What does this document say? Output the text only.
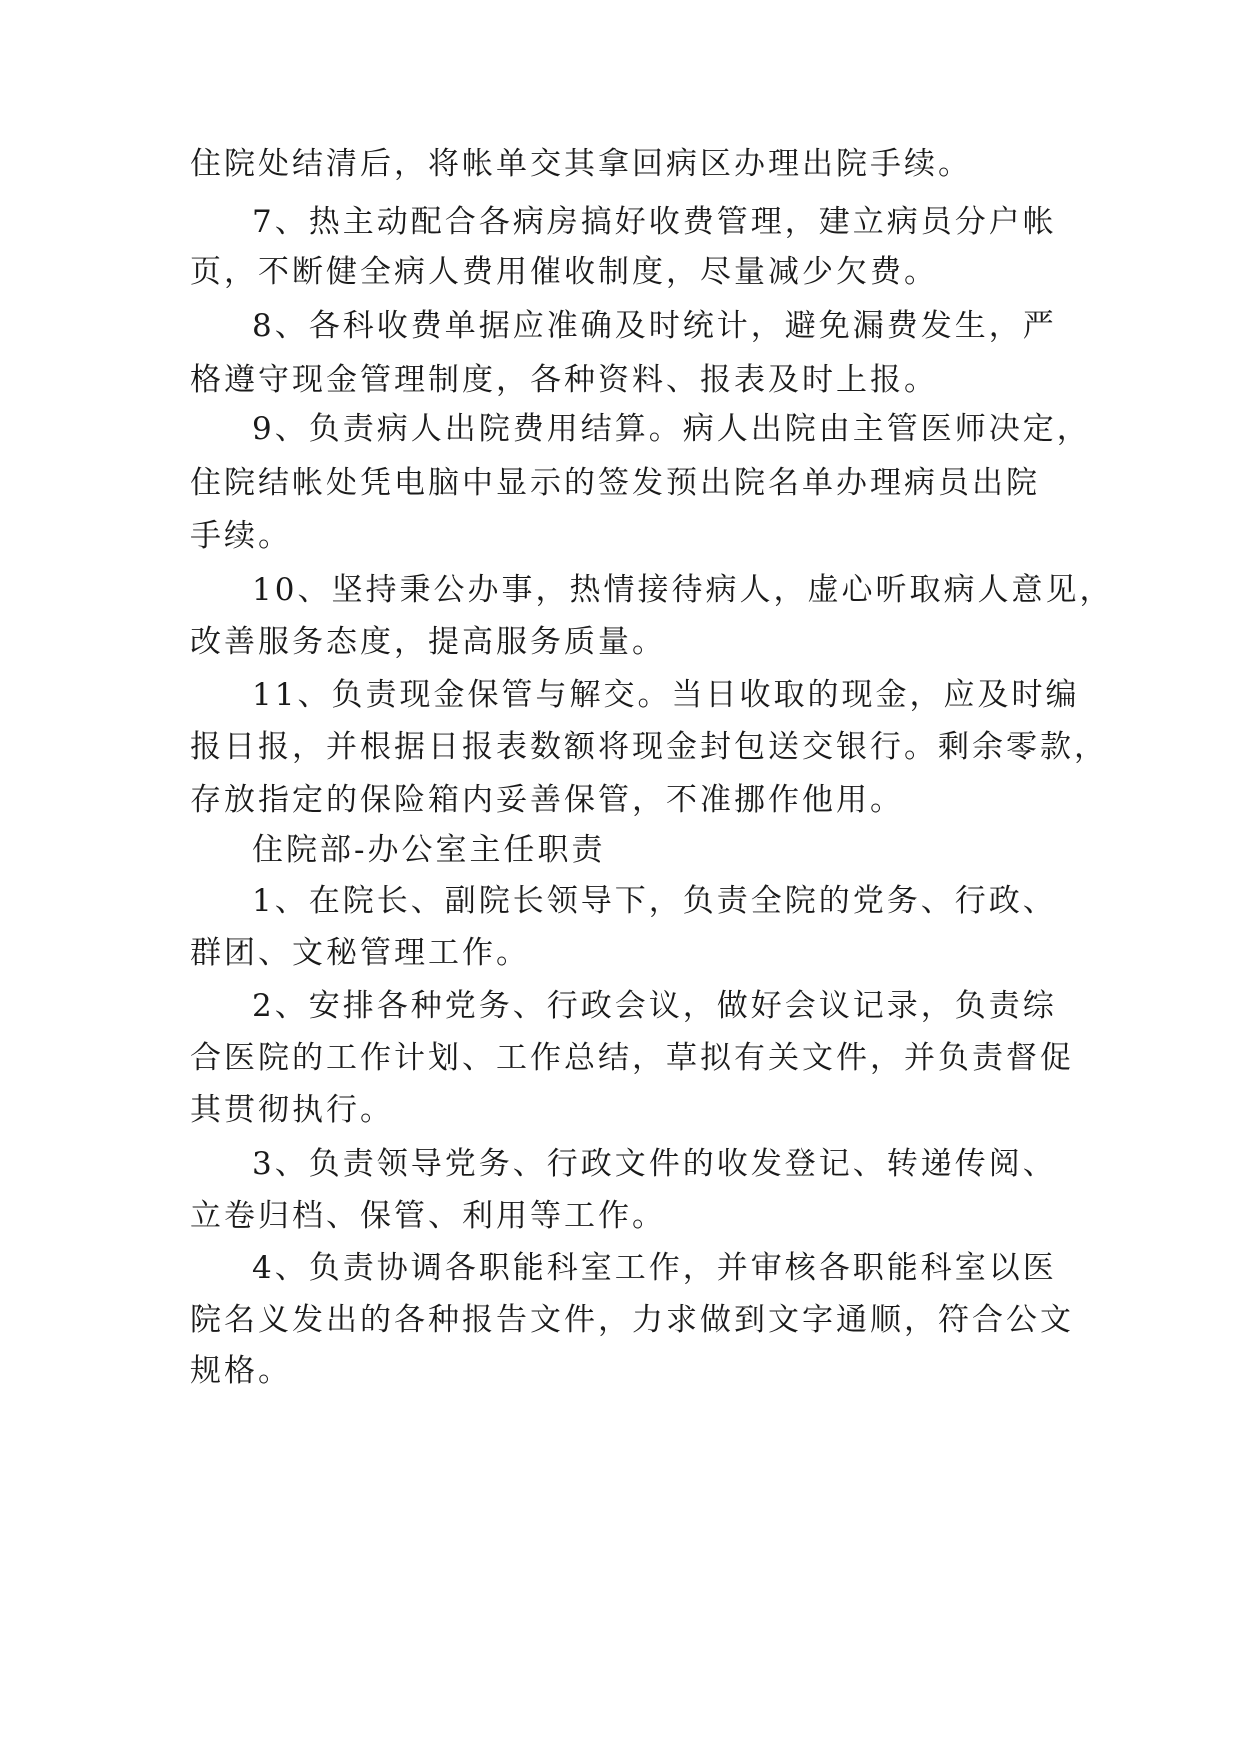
住院处结清后，将帐单交其拿回病区办理出院手续。
7、热主动配合各病房搞好收费管理，建立病员分户帐
页，不断健全病人费用催收制度，尽量减少欠费。
8、各科收费单据应准确及时统计，避免漏费发生，严
格遵守现金管理制度，各种资料、报表及时上报。
9、负责病人出院费用结算。病人出院由主管医师决定，
住院结帐处凭电脑中显示的签发预出院名单办理病员出院
手续。
10、坚持秉公办事，热情接待病人，虚心听取病人意见，
改善服务态度，提高服务质量。
11、负责现金保管与解交。当日收取的现金，应及时编
报日报，并根据日报表数额将现金封包送交银行。剩余零款，
存放指定的保险箱内妥善保管，不准挪作他用。
住院部-办公室主任职责
1、在院长、副院长领导下，负责全院的党务、行政、
群团、文秘管理工作。
2、安排各种党务、行政会议，做好会议记录，负责综
合医院的工作计划、工作总结，草拟有关文件，并负责督促
其贯彻执行。
3、负责领导党务、行政文件的收发登记、转递传阅、
立卷归档、保管、利用等工作。
4、负责协调各职能科室工作，并审核各职能科室以医
院名义发出的各种报告文件，力求做到文字通顺，符合公文
规格。
